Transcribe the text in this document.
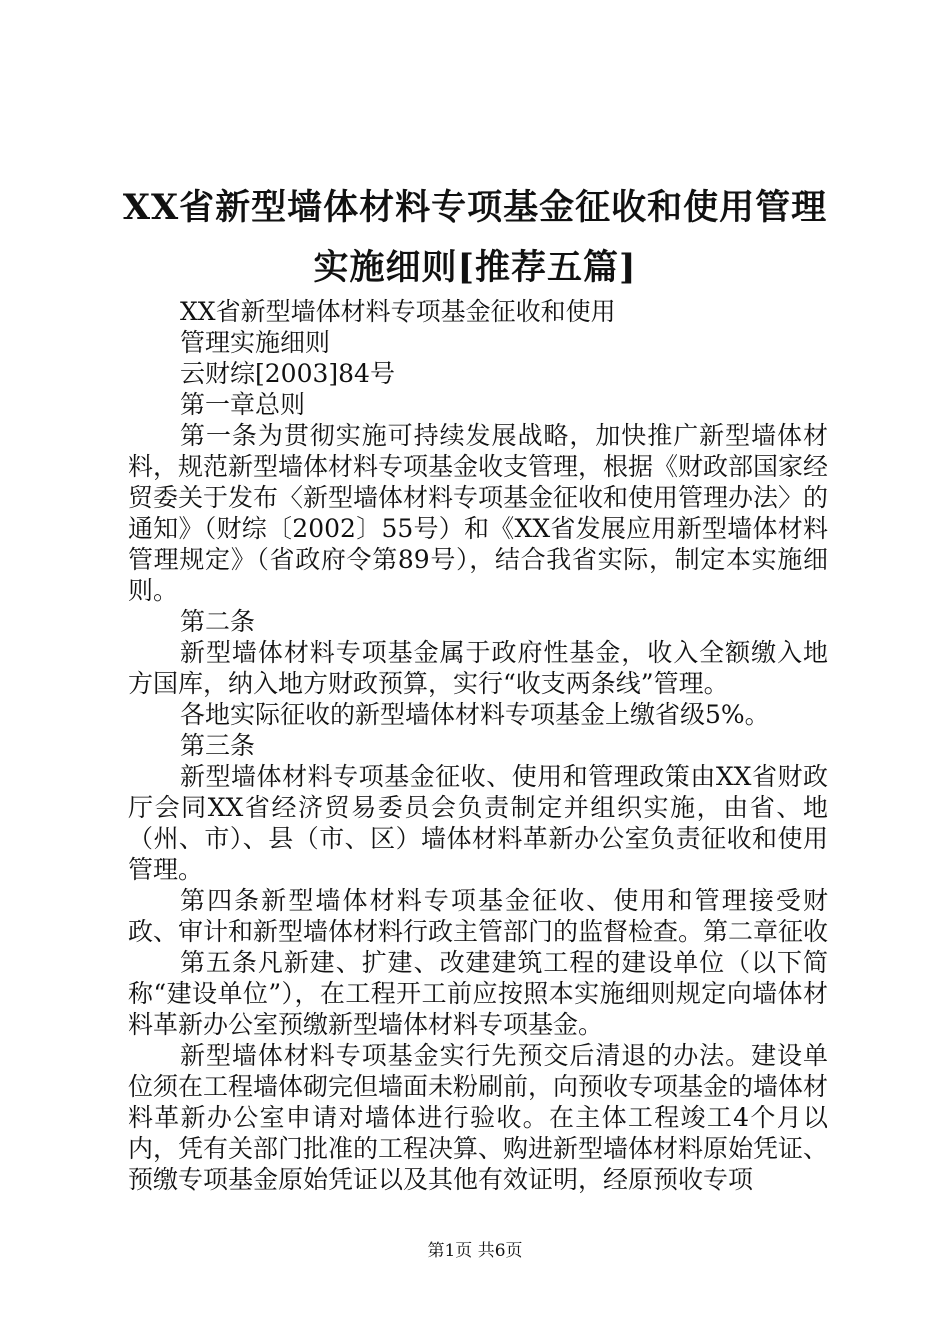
XX省新型墙体材料专项基金征收和使用管理
实施细则[推荐五篇]

XX省新型墙体材料专项基金征收和使用

管理实施细则

云财综[2003]84号

第一章总则

第一条为贯彻实施可持续发展战略，加快推广新型墙体材料，规范新型墙体材料专项基金收支管理，根据《财政部国家经贸委关于发布〈新型墙体材料专项基金征收和使用管理办法〉的通知》（财综〔2002〕55号）和《XX省发展应用新型墙体材料管理规定》（省政府令第89号），结合我省实际，制定本实施细则。

第二条

新型墙体材料专项基金属于政府性基金，收入全额缴入地方国库，纳入地方财政预算，实行“收支两条线”管理。

各地实际征收的新型墙体材料专项基金上缴省级5%。

第三条

新型墙体材料专项基金征收、使用和管理政策由XX省财政厅会同XX省经济贸易委员会负责制定并组织实施，由省、地（州、市）、县（市、区）墙体材料革新办公室负责征收和使用管理。

第四条新型墙体材料专项基金征收、使用和管理接受财政、审计和新型墙体材料行政主管部门的监督检查。第二章征收

第五条凡新建、扩建、改建建筑工程的建设单位（以下简称“建设单位”），在工程开工前应按照本实施细则规定向墙体材料革新办公室预缴新型墙体材料专项基金。

新型墙体材料专项基金实行先预交后清退的办法。建设单位须在工程墙体砌完但墙面未粉刷前，向预收专项基金的墙体材料革新办公室申请对墙体进行验收。在主体工程竣工4个月以内，凭有关部门批准的工程决算、购进新型墙体材料原始凭证、预缴专项基金原始凭证以及其他有效证明，经原预收专项

第1页 共6页
